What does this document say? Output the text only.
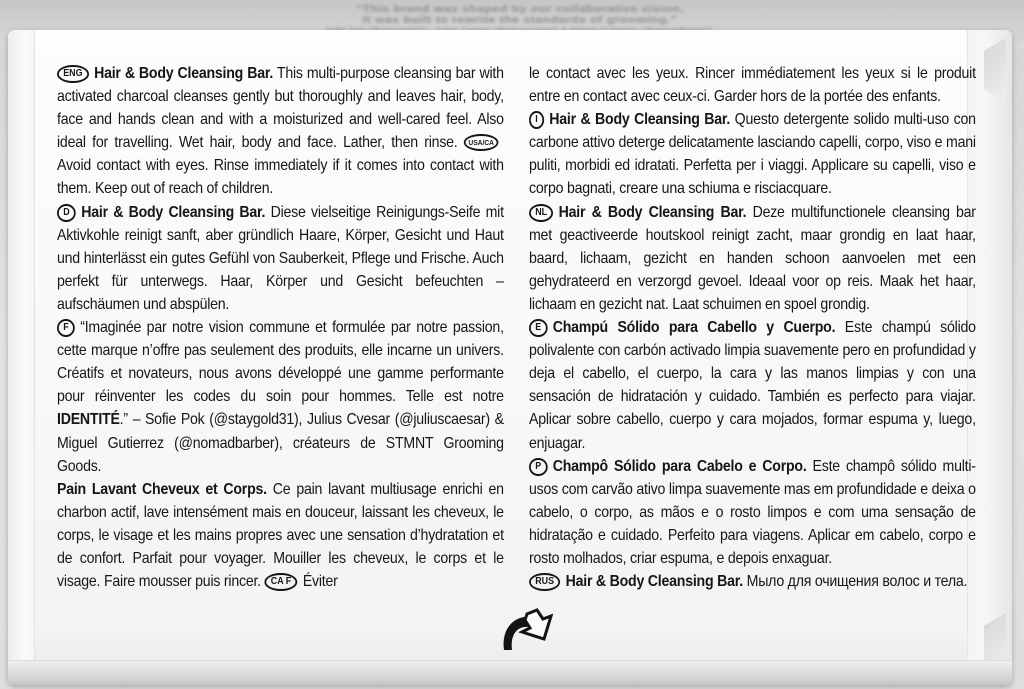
“This brand was shaped by our collaborative vision.
It was built to rewrite the standards of grooming.”

ENG Hair & Body Cleansing Bar. This multi-purpose cleansing bar with activated charcoal cleanses gently but thoroughly and leaves hair, body, face and hands clean and with a moisturized and well-cared feel. Also ideal for travelling. Wet hair, body and face. Lather, then rinse. USA/CAAvoid contact with eyes. Rinse immediately if it comes into contact with them. Keep out of reach of children.

D Hair & Body Cleansing Bar. Diese vielseitige Reinigungs-Seife mit Aktivkohle reinigt sanft, aber gründlich Haare, Körper, Gesicht und Haut und hinterlässt ein gutes Gefühl von Sauberkeit, Pflege und Frische. Auch perfekt für unterwegs. Haar, Körper und Gesicht befeuchten – aufschäumen und abspülen.

F “Imaginée par notre vision commune et formulée par notre passion, cette marque n’offre pas seulement des produits, elle incarne un univers. Créatifs et novateurs, nous avons développé une gamme performante pour réinventer les codes du soin pour hommes. Telle est notre IDENTITÉ.” – Sofie Pok (@staygold31), Julius Cvesar (@juliuscaesar) & Miguel Gutierrez (@nomadbarber), créateurs de STMNT Grooming Goods.

Pain Lavant Cheveux et Corps. Ce pain lavant multiusage enrichi en charbon actif, lave intensément mais en douceur, laissant les cheveux, le corps, le visage et les mains propres avec une sensation d’hydratation et de confort. Parfait pour voyager. Mouiller les cheveux, le corps et le visage. Faire mousser puis rincer. CA F Éviter

le contact avec les yeux. Rincer immédiatement les yeux si le produit entre en contact avec ceux-ci. Garder hors de la portée des enfants.

I Hair & Body Cleansing Bar. Questo detergente solido multi-uso con carbone attivo deterge delicatamente lasciando capelli, corpo, viso e mani puliti, morbidi ed idratati. Perfetta per i viaggi. Applicare su capelli, viso e corpo bagnati, creare una schiuma e risciacquare.

NL Hair & Body Cleansing Bar. Deze multifunctionele cleansing bar met geactiveerde houtskool reinigt zacht, maar grondig en laat haar, baard, lichaam, gezicht en handen schoon aanvoelen met een gehydrateerd en verzorgd gevoel. Ideaal voor op reis. Maak het haar, lichaam en gezicht nat. Laat schuimen en spoel grondig.

E Champú Sólido para Cabello y Cuerpo. Este champú sólido polivalente con carbón activado limpia suavemente pero en profundidad y deja el cabello, el cuerpo, la cara y las manos limpias y con una sensación de hidratación y cuidado. También es perfecto para viajar. Aplicar sobre cabello, cuerpo y cara mojados, formar espuma y, luego, enjuagar.

P Champô Sólido para Cabelo e Corpo. Este champô sólido multi-usos com carvão ativo limpa suavemente mas em profundidade e deixa o cabelo, o corpo, as mãos e o rosto limpos e com uma sensação de hidratação e cuidado. Perfeito para viagens. Aplicar em cabelo, corpo e rosto molhados, criar espuma, e depois enxaguar.

RUS Hair & Body Cleansing Bar. Мыло для очищения волос и тела.
